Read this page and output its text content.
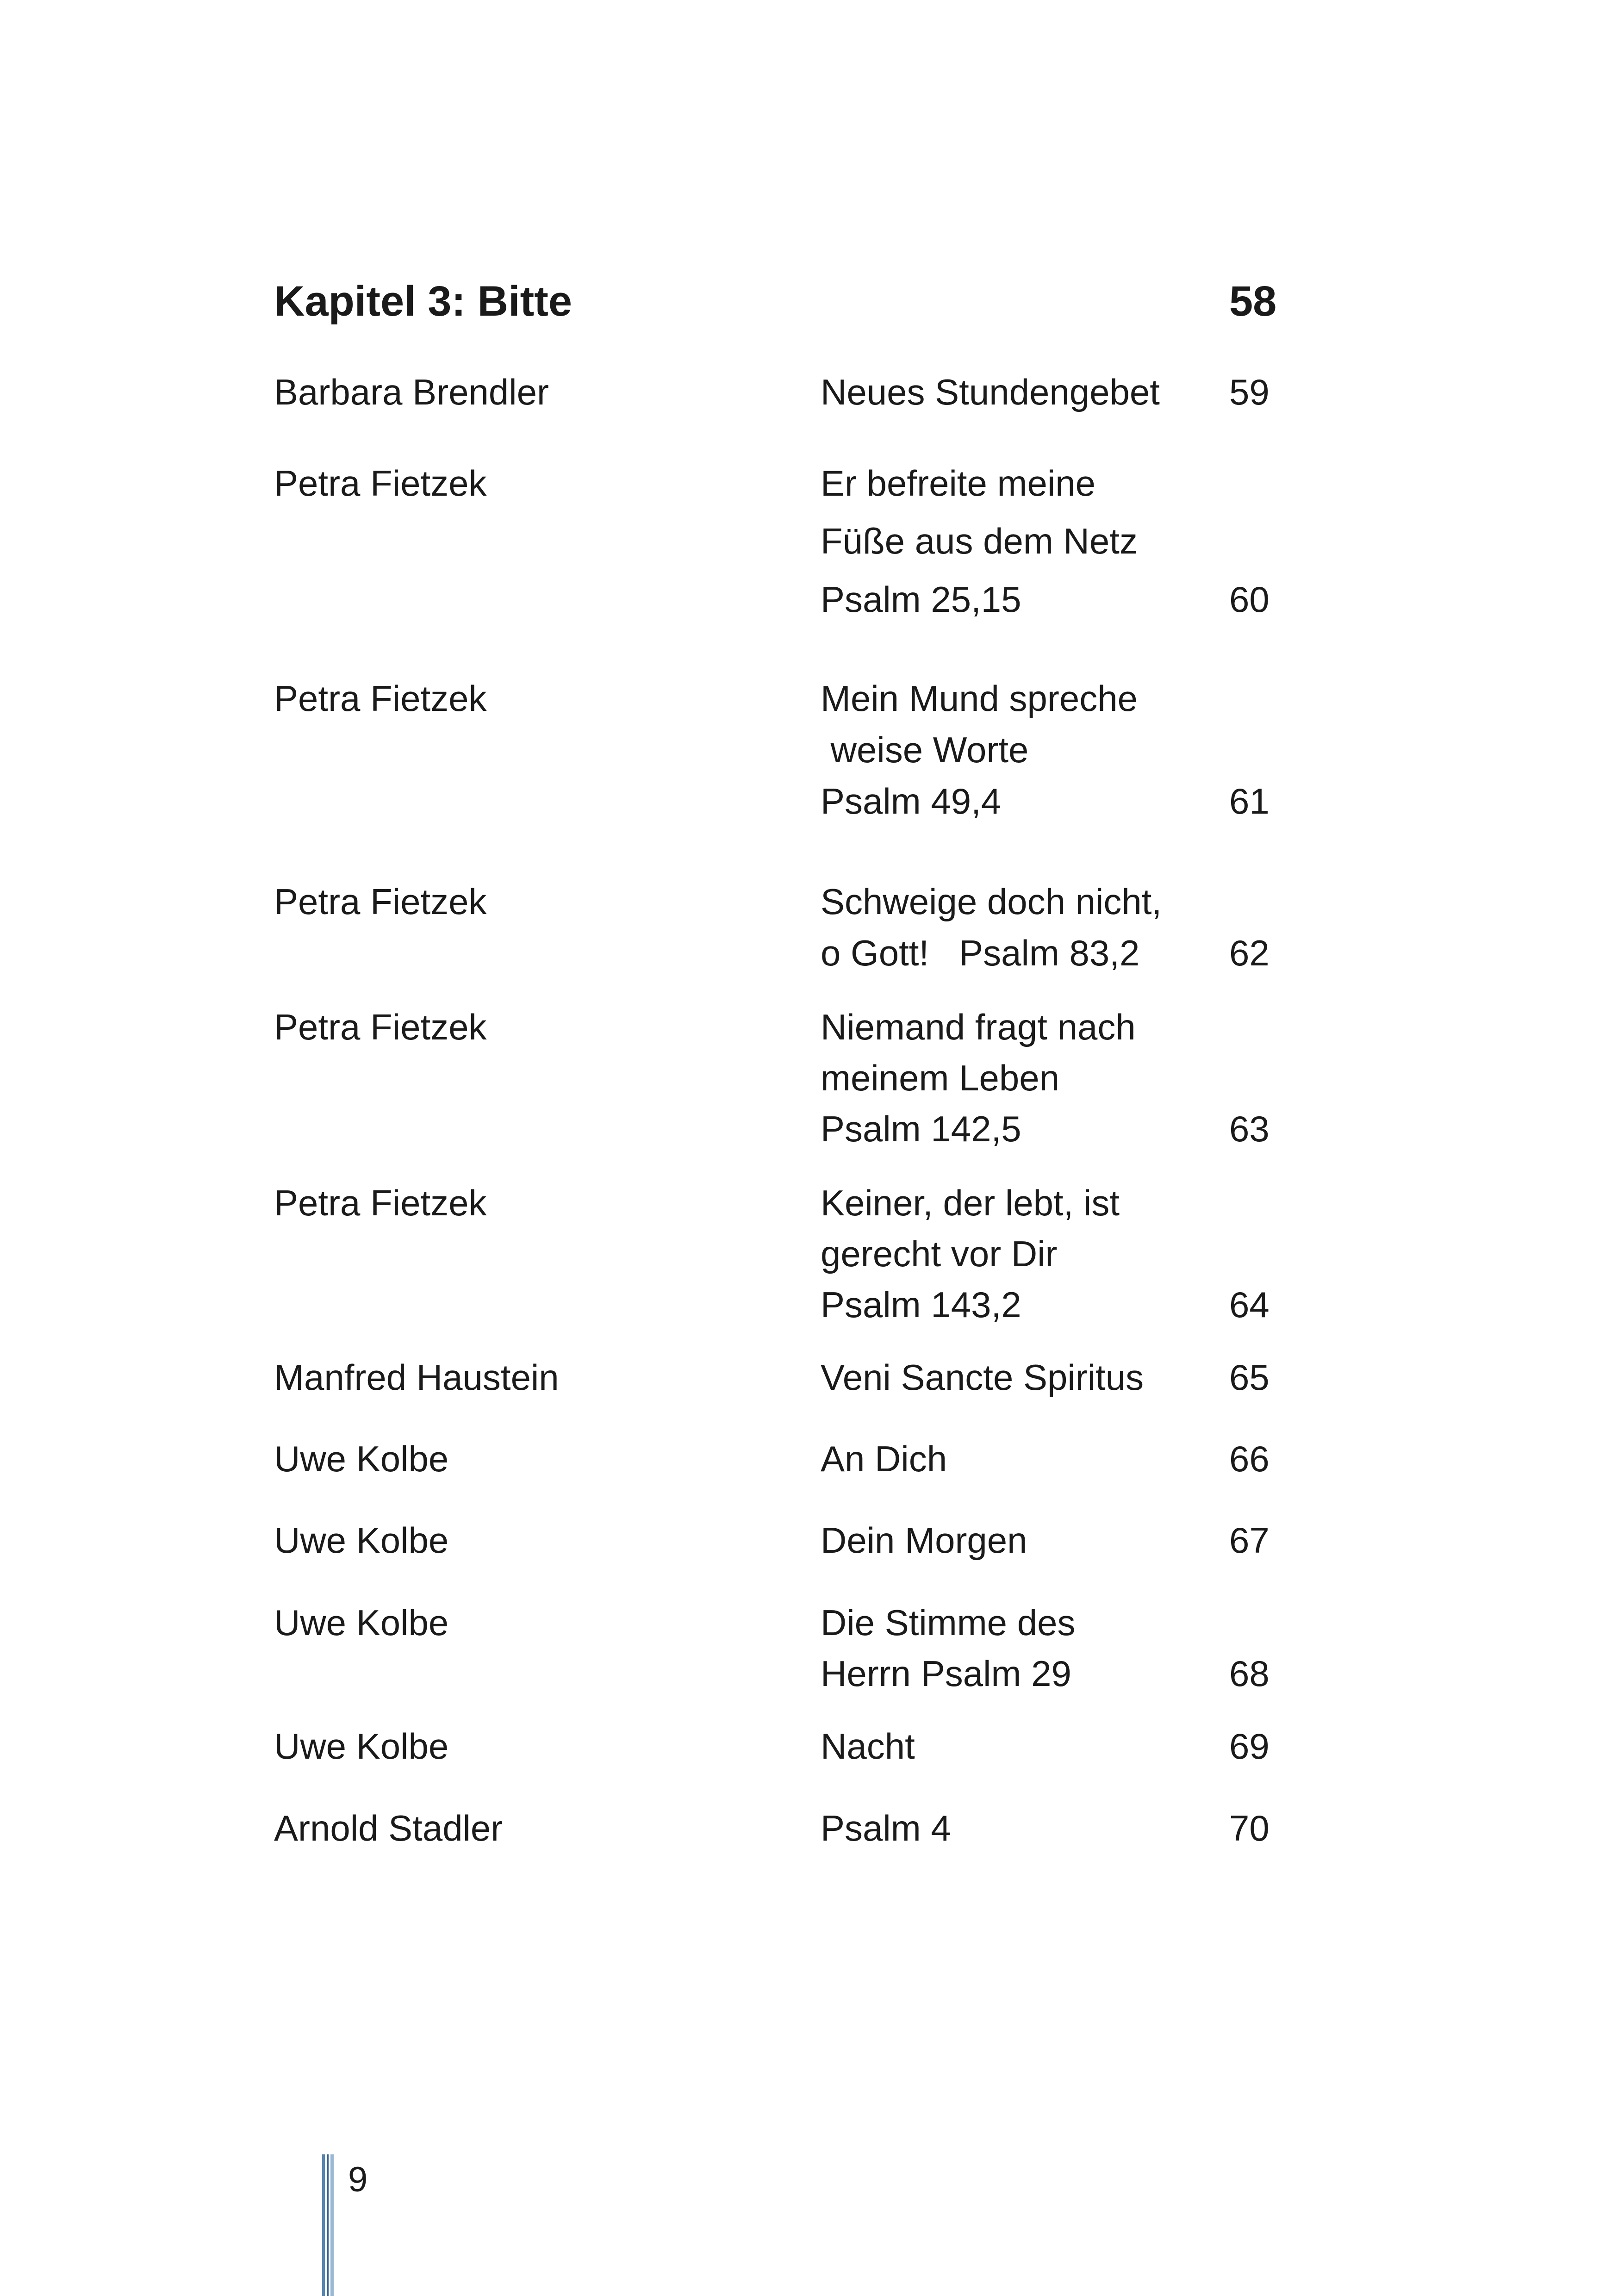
Kapitel 3: Bitte	58
Barbara Brendler	Neues Stundengebet 59
Petra Fietzek	Er befreite meine
Füße aus dem Netz
Psalm 25,15	60
Petra Fietzek	Mein Mund spreche
weise Worte
Psalm 49,4	61
Petra Fietzek	Schweige doch nicht,
o Gott!   Psalm 83,2 62
Petra Fietzek	Niemand fragt nach
meinem Leben
Psalm 142,5	63
Petra Fietzek	Keiner, der lebt, ist
gerecht vor Dir
Psalm 143,2	64
Manfred Haustein	Veni Sancte Spiritus 65
Uwe Kolbe	An Dich	66
Uwe Kolbe	Dein Morgen	67
Uwe Kolbe	Die Stimme des
Herrn Psalm 29	68
Uwe Kolbe	Nacht	69
Arnold Stadler	Psalm 4	70
9
